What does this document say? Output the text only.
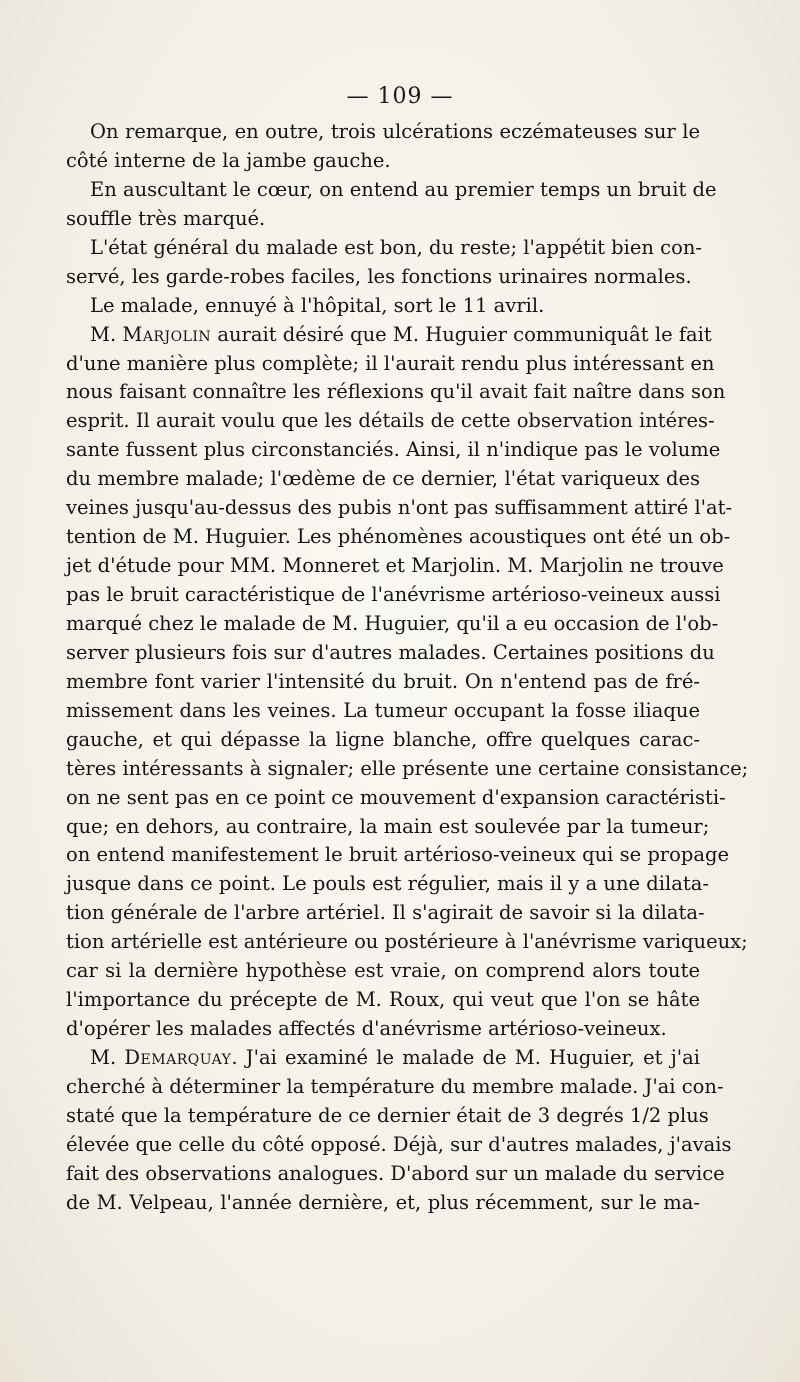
— 109 —
On remarque, en outre, trois ulcérations eczémateuses sur le
côté interne de la jambe gauche.
En auscultant le cœur, on entend au premier temps un bruit de
souffle très marqué.
L'état général du malade est bon, du reste; l'appétit bien con-
servé, les garde-robes faciles, les fonctions urinaires normales.
Le malade, ennuyé à l'hôpital, sort le 11 avril.
M. Marjolin aurait désiré que M. Huguier communiquât le fait
d'une manière plus complète; il l'aurait rendu plus intéressant en
nous faisant connaître les réflexions qu'il avait fait naître dans son
esprit. Il aurait voulu que les détails de cette observation intéres-
sante fussent plus circonstanciés. Ainsi, il n'indique pas le volume
du membre malade; l'œdème de ce dernier, l'état variqueux des
veines jusqu'au-dessus des pubis n'ont pas suffisamment attiré l'at-
tention de M. Huguier. Les phénomènes acoustiques ont été un ob-
jet d'étude pour MM. Monneret et Marjolin. M. Marjolin ne trouve
pas le bruit caractéristique de l'anévrisme artérioso-veineux aussi
marqué chez le malade de M. Huguier, qu'il a eu occasion de l'ob-
server plusieurs fois sur d'autres malades. Certaines positions du
membre font varier l'intensité du bruit. On n'entend pas de fré-
missement dans les veines. La tumeur occupant la fosse iliaque
gauche, et qui dépasse la ligne blanche, offre quelques carac-
tères intéressants à signaler; elle présente une certaine consistance;
on ne sent pas en ce point ce mouvement d'expansion caractéristi-
que; en dehors, au contraire, la main est soulevée par la tumeur;
on entend manifestement le bruit artérioso-veineux qui se propage
jusque dans ce point. Le pouls est régulier, mais il y a une dilata-
tion générale de l'arbre artériel. Il s'agirait de savoir si la dilata-
tion artérielle est antérieure ou postérieure à l'anévrisme variqueux;
car si la dernière hypothèse est vraie, on comprend alors toute
l'importance du précepte de M. Roux, qui veut que l'on se hâte
d'opérer les malades affectés d'anévrisme artérioso-veineux.
M. Demarquay. J'ai examiné le malade de M. Huguier, et j'ai
cherché à déterminer la température du membre malade. J'ai con-
staté que la température de ce dernier était de 3 degrés 1/2 plus
élevée que celle du côté opposé. Déjà, sur d'autres malades, j'avais
fait des observations analogues. D'abord sur un malade du service
de M. Velpeau, l'année dernière, et, plus récemment, sur le ma-
